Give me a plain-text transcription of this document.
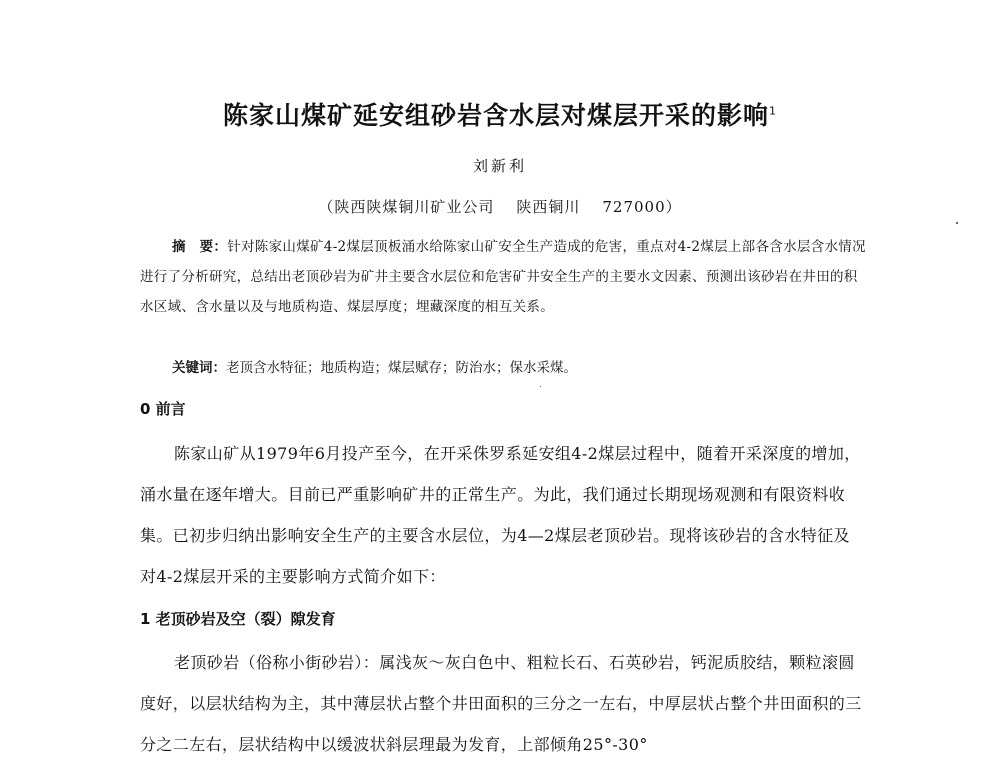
陈家山煤矿延安组砂岩含水层对煤层开采的影响$^1$
刘新利
（陕西陕煤铜川矿业公司 陕西铜川 727000）
摘　要：针对陈家山煤矿4-2煤层顶板涌水给陈家山矿安全生产造成的危害，重点对4-2煤层上部各含水层含水情况进行了分析研究，总结出老顶砂岩为矿井主要含水层位和危害矿井安全生产的主要水文因素、预测出该砂岩在井田的积水区域、含水量以及与地质构造、煤层厚度；埋藏深度的相互关系。
关键词：老顶含水特征；地质构造；煤层赋存；防治水；保水采煤。
0 前言
陈家山矿从1979年6月投产至今，在开采侏罗系延安组4-2煤层过程中，随着开采深度的增加，涌水量在逐年增大。目前已严重影响矿井的正常生产。为此，我们通过长期现场观测和有限资料收集。已初步归纳出影响安全生产的主要含水层位，为4—2煤层老顶砂岩。现将该砂岩的含水特征及对4-2煤层开采的主要影响方式简介如下：
1 老顶砂岩及空（裂）隙发育
老顶砂岩（俗称小街砂岩）：属浅灰～灰白色中、粗粒长石、石英砂岩，钙泥质胶结，颗粒滚圆度好，以层状结构为主，其中薄层状占整个井田面积的三分之一左右，中厚层状占整个井田面积的三分之二左右，层状结构中以缓波状斜层理最为发育，上部倾角25°-30°
